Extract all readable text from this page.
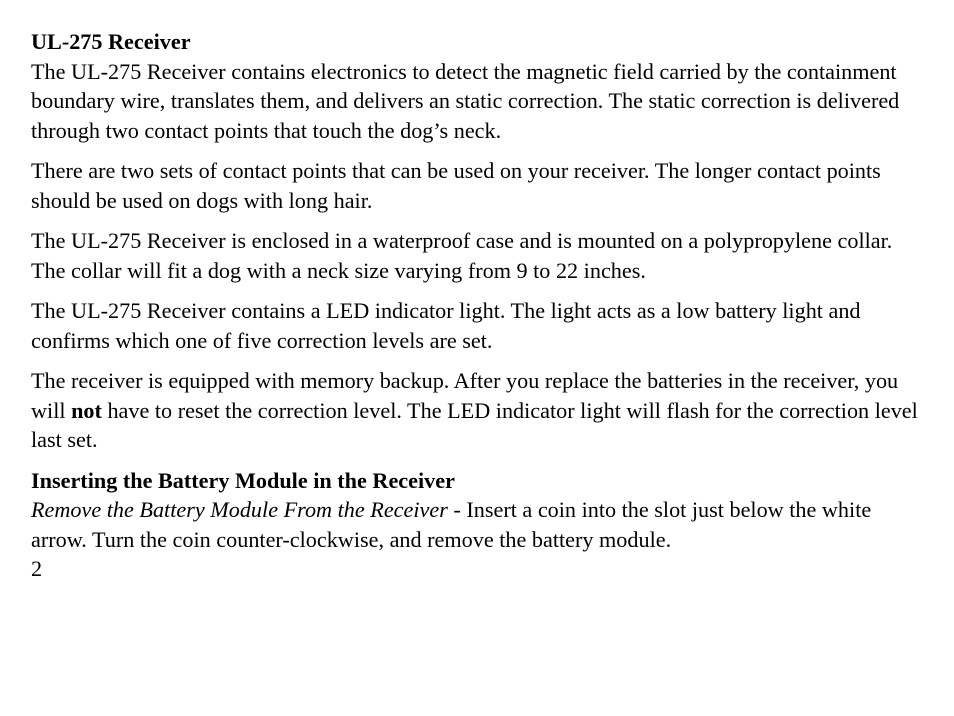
UL-275 Receiver

The UL-275 Receiver contains electronics to detect the magnetic field carried by the containment boundary wire, translates them, and delivers an static correction. The static correction is delivered through two contact points that touch the dog’s neck.

There are two sets of contact points that can be used on your receiver. The longer contact points should be used on dogs with long hair.

The UL-275 Receiver is enclosed in a waterproof case and is mounted on a polypropylene collar. The collar will fit a dog with a neck size varying from 9 to 22 inches.

The UL-275 Receiver contains a LED indicator light. The light acts as a low battery light and confirms which one of five correction levels are set.

The receiver is equipped with memory backup. After you replace the batteries in the receiver, you will not have to reset the correction level. The LED indicator light will flash for the correction level last set.

Inserting the Battery Module in the Receiver

Remove the Battery Module From the Receiver - Insert a coin into the slot just below the white arrow. Turn the coin counter-clockwise, and remove the battery module.

2
